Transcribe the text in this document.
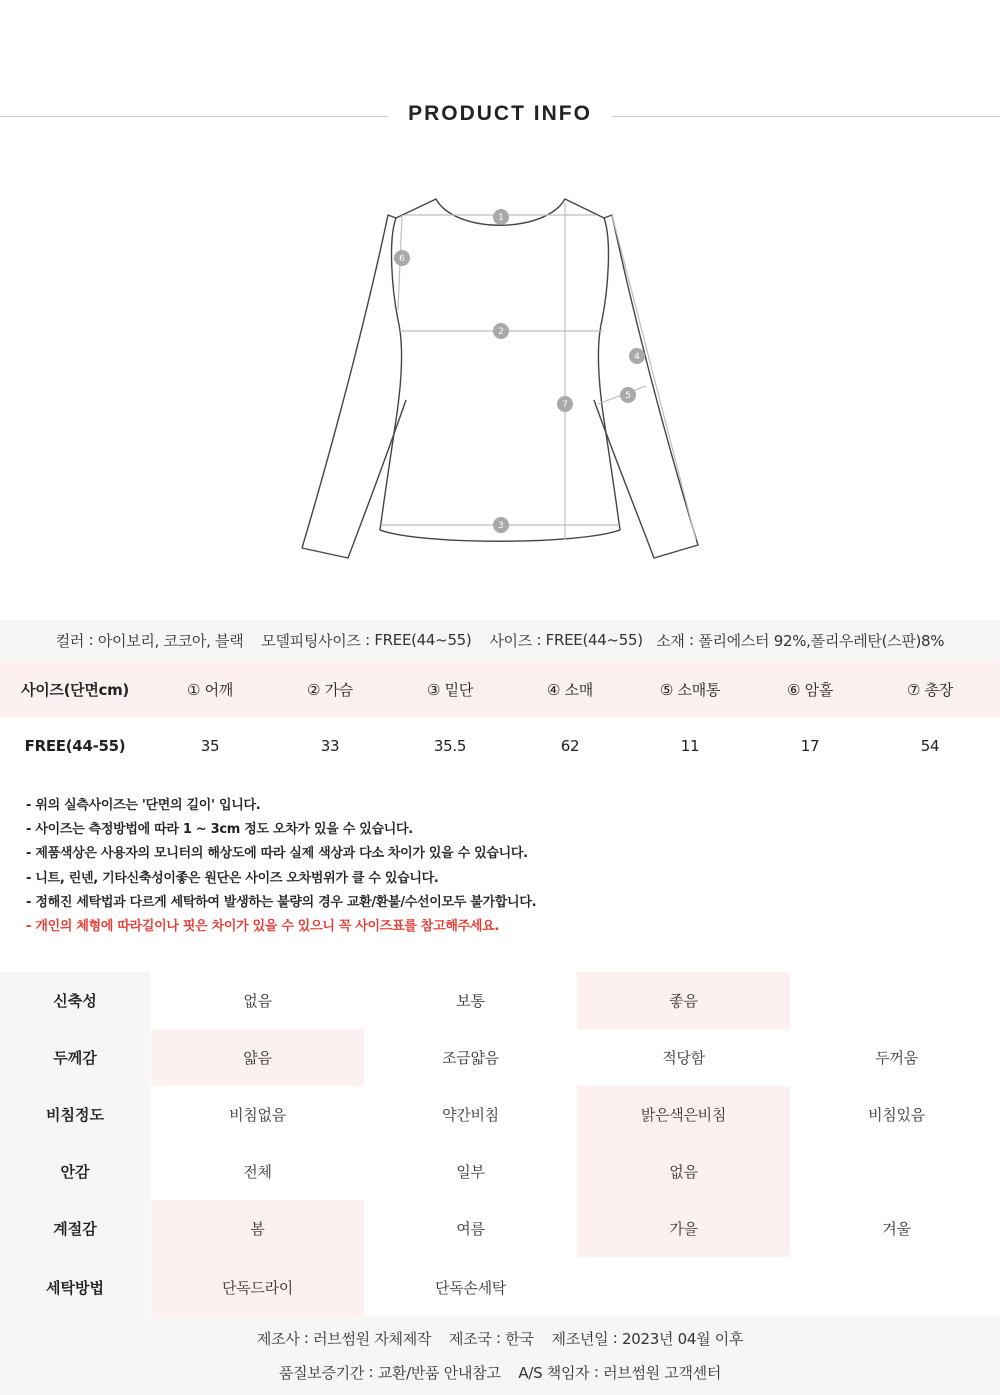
PRODUCT INFO
1
2
3
4
5
6
7
컬러 : 아이보리, 코코아, 블랙
모델피팅사이즈 : FREE(44~55)
사이즈 : FREE(44~55)
소재 : 폴리에스터 92%,폴리우레탄(스판)8%
사이즈(단면cm)	① 어깨	② 가슴	③ 밑단	④ 소매	⑤ 소매통	⑥ 암홀	⑦ 총장
FREE(44-55)	35	33	35.5	62	11	17	54
- 위의 실측사이즈는 '단면의 길이' 입니다.
- 사이즈는 측정방법에 따라 1 ~ 3cm 정도 오차가 있을 수 있습니다.
- 제품색상은 사용자의 모니터의 해상도에 따라 실제 색상과 다소 차이가 있을 수 있습니다.
- 니트, 린넨, 기타신축성이좋은 원단은 사이즈 오차범위가 클 수 있습니다.
- 정해진 세탁법과 다르게 세탁하여 발생하는 불량의 경우 교환/환불/수선이모두 불가합니다.
- 개인의 체형에 따라길이나 핏은 차이가 있을 수 있으니 꼭 사이즈표를 참고해주세요.
신축성	없음	보통	좋음
두께감	얇음	조금얇음	적당함	두꺼움
비침정도	비침없음	약간비침	밝은색은비침	비침있음
안감	전체	일부	없음
계절감	봄	여름	가을	겨울
세탁방법	단독드라이	단독손세탁
제조사 : 러브썸원 자체제작
제조국 : 한국
제조년일 : 2023년 04월 이후
품질보증기간 : 교환/반품 안내참고
A/S 책임자 : 러브썸원 고객센터
